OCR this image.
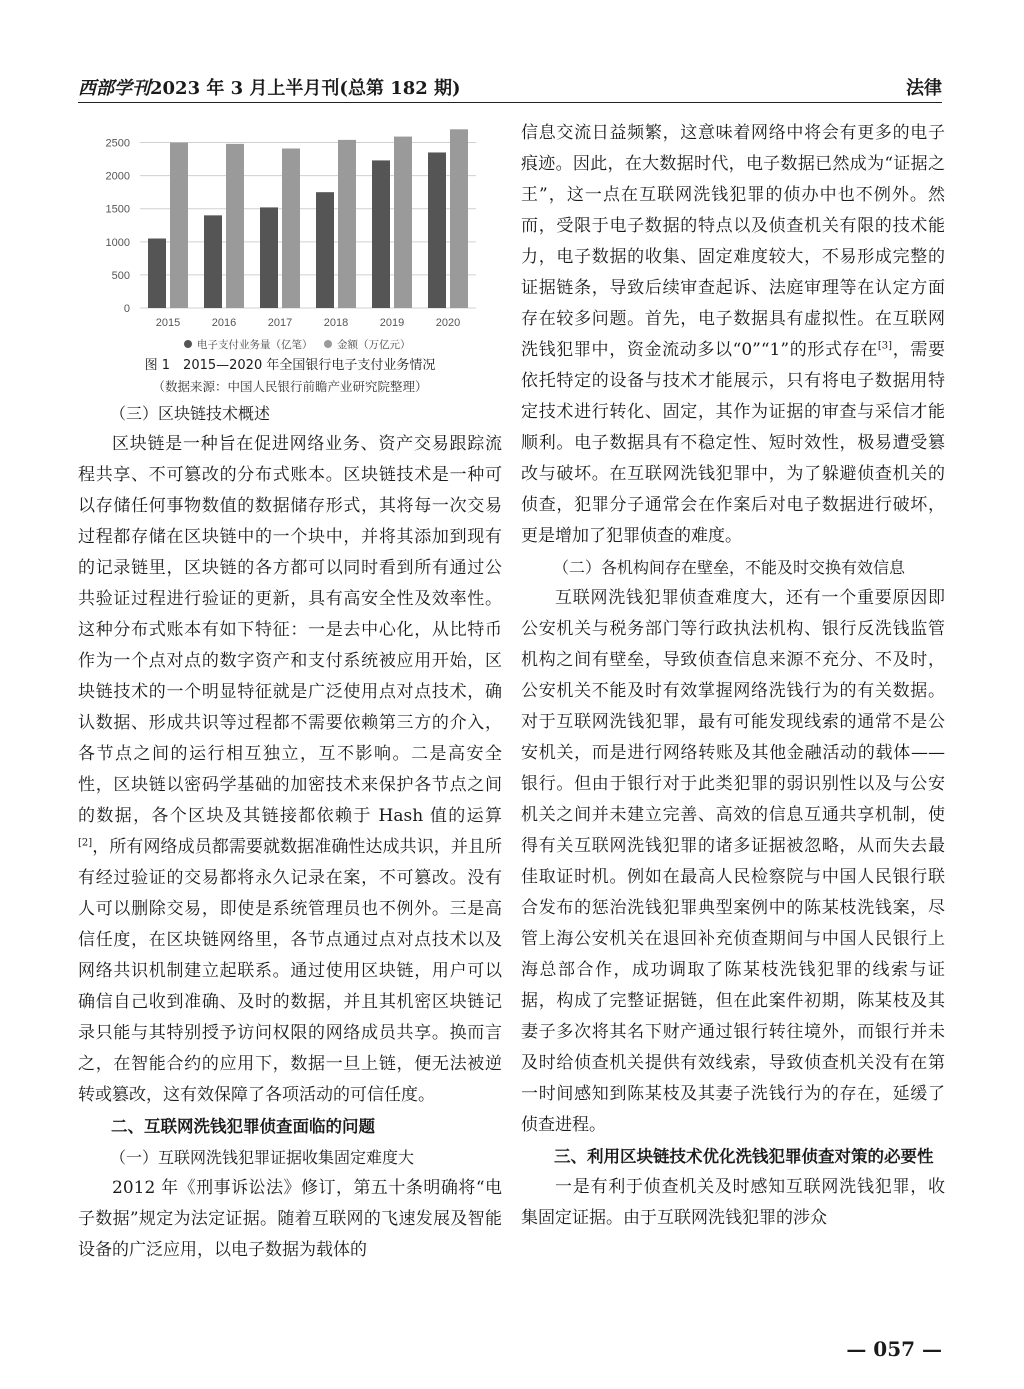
西部学刊2023 年 3 月上半月刊(总第 182 期)	法律
0
500
1000
1500
2000
2500
2015	2016	2017	2018	2019	2020
电子支付业务量（亿笔） 金额（万亿元）
图 1　2015—2020 年全国银行电子支付业务情况
（数据来源：中国人民银行前瞻产业研究院整理）

（三）区块链技术概述

区块链是一种旨在促进网络业务、资产交易跟踪流程共享、不可篡改的分布式账本。区块链技术是一种可以存储任何事物数值的数据储存形式，其将每一次交易过程都存储在区块链中的一个块中，并将其添加到现有的记录链里，区块链的各方都可以同时看到所有通过公共验证过程进行验证的更新，具有高安全性及效率性。这种分布式账本有如下特征：一是去中心化，从比特币作为一个点对点的数字资产和支付系统被应用开始，区块链技术的一个明显特征就是广泛使用点对点技术，确认数据、形成共识等过程都不需要依赖第三方的介入，各节点之间的运行相互独立，互不影响。二是高安全性，区块链以密码学基础的加密技术来保护各节点之间的数据，各个区块及其链接都依赖于 Hash 值的运算[2]，所有网络成员都需要就数据准确性达成共识，并且所有经过验证的交易都将永久记录在案，不可篡改。没有人可以删除交易，即使是系统管理员也不例外。三是高信任度，在区块链网络里，各节点通过点对点技术以及网络共识机制建立起联系。通过使用区块链，用户可以确信自己收到准确、及时的数据，并且其机密区块链记录只能与其特别授予访问权限的网络成员共享。换而言之，在智能合约的应用下，数据一旦上链，便无法被逆转或篡改，这有效保障了各项活动的可信任度。

二、互联网洗钱犯罪侦查面临的问题

（一）互联网洗钱犯罪证据收集固定难度大

2012 年《刑事诉讼法》修订，第五十条明确将“电子数据”规定为法定证据。随着互联网的飞速发展及智能设备的广泛应用，以电子数据为载体的

信息交流日益频繁，这意味着网络中将会有更多的电子痕迹。因此，在大数据时代，电子数据已然成为“证据之王”，这一点在互联网洗钱犯罪的侦办中也不例外。然而，受限于电子数据的特点以及侦查机关有限的技术能力，电子数据的收集、固定难度较大，不易形成完整的证据链条，导致后续审查起诉、法庭审理等在认定方面存在较多问题。首先，电子数据具有虚拟性。在互联网洗钱犯罪中，资金流动多以“0”“1”的形式存在[3]，需要依托特定的设备与技术才能展示，只有将电子数据用特定技术进行转化、固定，其作为证据的审查与采信才能顺利。电子数据具有不稳定性、短时效性，极易遭受篡改与破坏。在互联网洗钱犯罪中，为了躲避侦查机关的侦查，犯罪分子通常会在作案后对电子数据进行破坏，更是增加了犯罪侦查的难度。

（二）各机构间存在壁垒，不能及时交换有效信息

互联网洗钱犯罪侦查难度大，还有一个重要原因即公安机关与税务部门等行政执法机构、银行反洗钱监管机构之间有壁垒，导致侦查信息来源不充分、不及时，公安机关不能及时有效掌握网络洗钱行为的有关数据。对于互联网洗钱犯罪，最有可能发现线索的通常不是公安机关，而是进行网络转账及其他金融活动的载体——银行。但由于银行对于此类犯罪的弱识别性以及与公安机关之间并未建立完善、高效的信息互通共享机制，使得有关互联网洗钱犯罪的诸多证据被忽略，从而失去最佳取证时机。例如在最高人民检察院与中国人民银行联合发布的惩治洗钱犯罪典型案例中的陈某枝洗钱案，尽管上海公安机关在退回补充侦查期间与中国人民银行上海总部合作，成功调取了陈某枝洗钱犯罪的线索与证据，构成了完整证据链，但在此案件初期，陈某枝及其妻子多次将其名下财产通过银行转往境外，而银行并未及时给侦查机关提供有效线索，导致侦查机关没有在第一时间感知到陈某枝及其妻子洗钱行为的存在，延缓了侦查进程。

三、利用区块链技术优化洗钱犯罪侦查对策的必要性

一是有利于侦查机关及时感知互联网洗钱犯罪，收集固定证据。由于互联网洗钱犯罪的涉众

— 057 —
